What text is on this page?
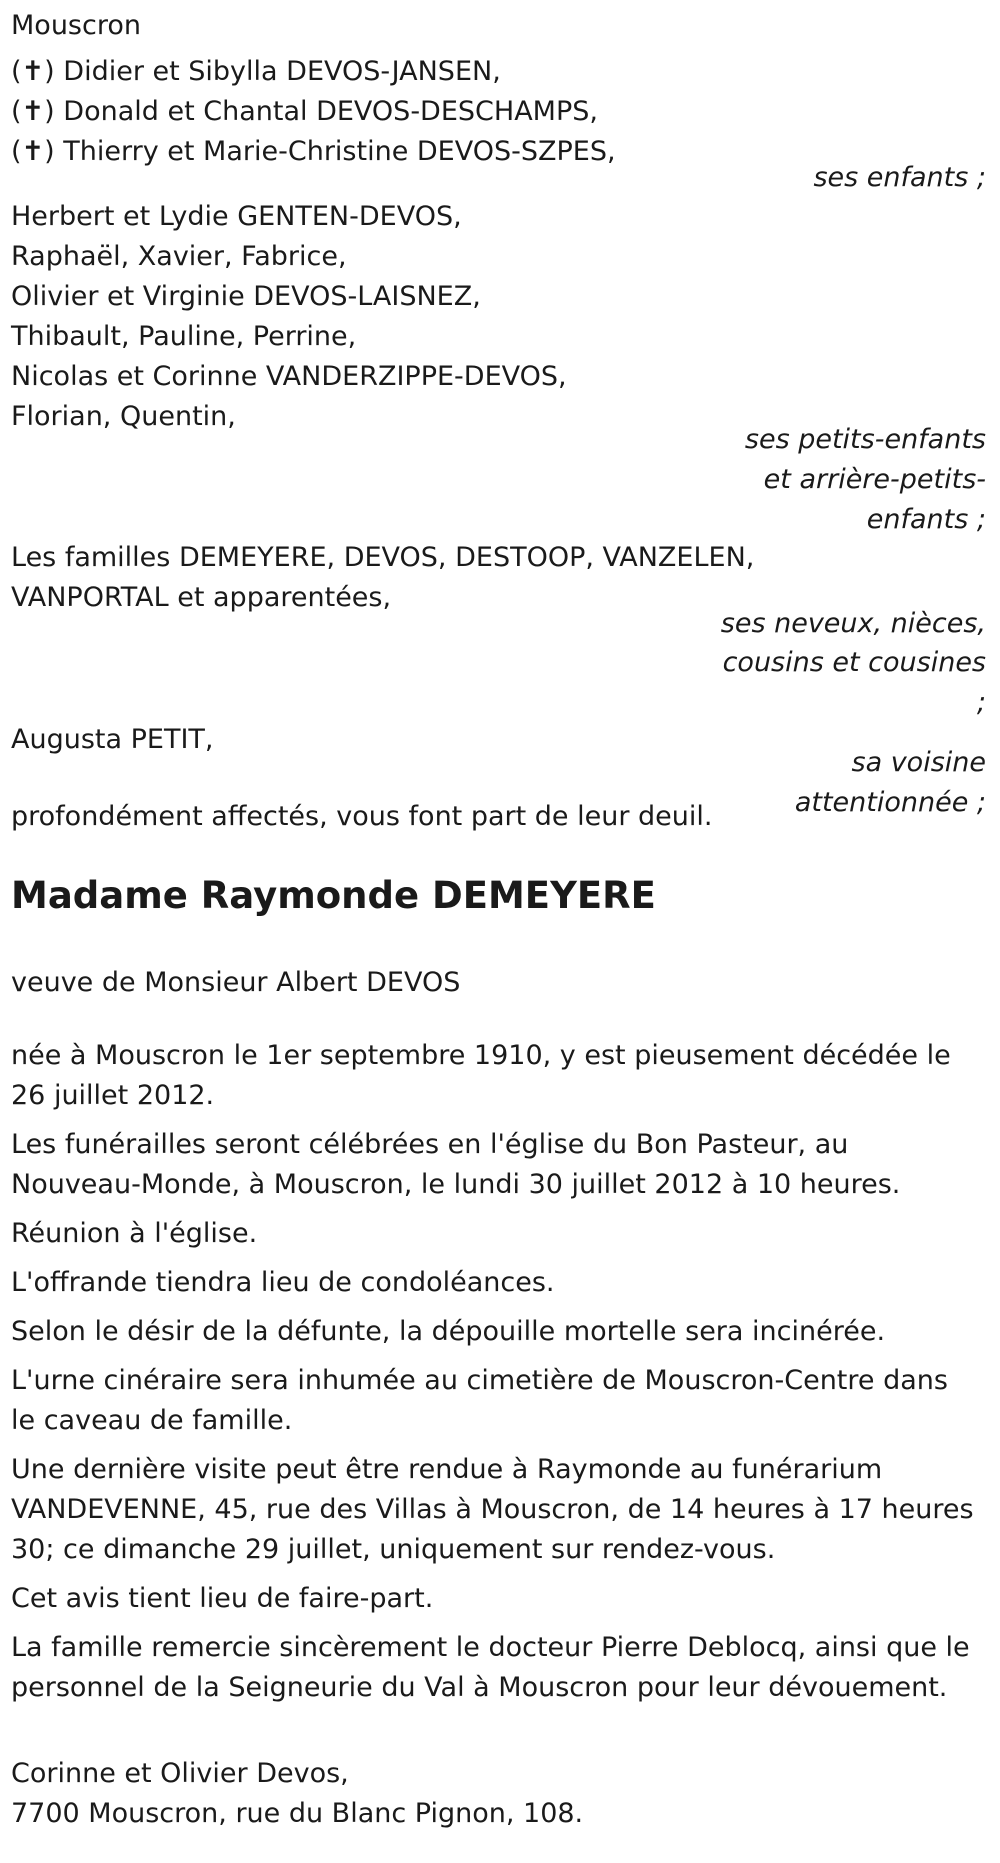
Mouscron
(✝) Didier et Sibylla DEVOS-JANSEN,
(✝) Donald et Chantal DEVOS-DESCHAMPS,
(✝) Thierry et Marie-Christine DEVOS-SZPES,
ses enfants ;
Herbert et Lydie GENTEN-DEVOS,
Raphaël, Xavier, Fabrice,
Olivier et Virginie DEVOS-LAISNEZ,
Thibault, Pauline, Perrine,
Nicolas et Corinne VANDERZIPPE-DEVOS,
Florian, Quentin,
ses petits-enfants
et arrière-petits-
enfants ;
Les familles DEMEYERE, DEVOS, DESTOOP, VANZELEN,
VANPORTAL et apparentées,
ses neveux, nièces,
cousins et cousines
;
Augusta PETIT,
sa voisine
attentionnée ;
profondément affectés, vous font part de leur deuil.
Madame Raymonde DEMEYERE
veuve de Monsieur Albert DEVOS

née à Mouscron le 1er septembre 1910, y est pieusement décédée le 26 juillet 2012.

Les funérailles seront célébrées en l'église du Bon Pasteur, au Nouveau-Monde, à Mouscron, le lundi 30 juillet 2012 à 10 heures.

Réunion à l'église.

L'offrande tiendra lieu de condoléances.

Selon le désir de la défunte, la dépouille mortelle sera incinérée.

L'urne cinéraire sera inhumée au cimetière de Mouscron-Centre dans le caveau de famille.

Une dernière visite peut être rendue à Raymonde au funérarium VANDEVENNE, 45, rue des Villas à Mouscron, de 14 heures à 17 heures 30; ce dimanche 29 juillet, uniquement sur rendez-vous.

Cet avis tient lieu de faire-part.

La famille remercie sincèrement le docteur Pierre Deblocq, ainsi que le personnel de la Seigneurie du Val à Mouscron pour leur dévouement.

Corinne et Olivier Devos,
7700 Mouscron, rue du Blanc Pignon, 108.
